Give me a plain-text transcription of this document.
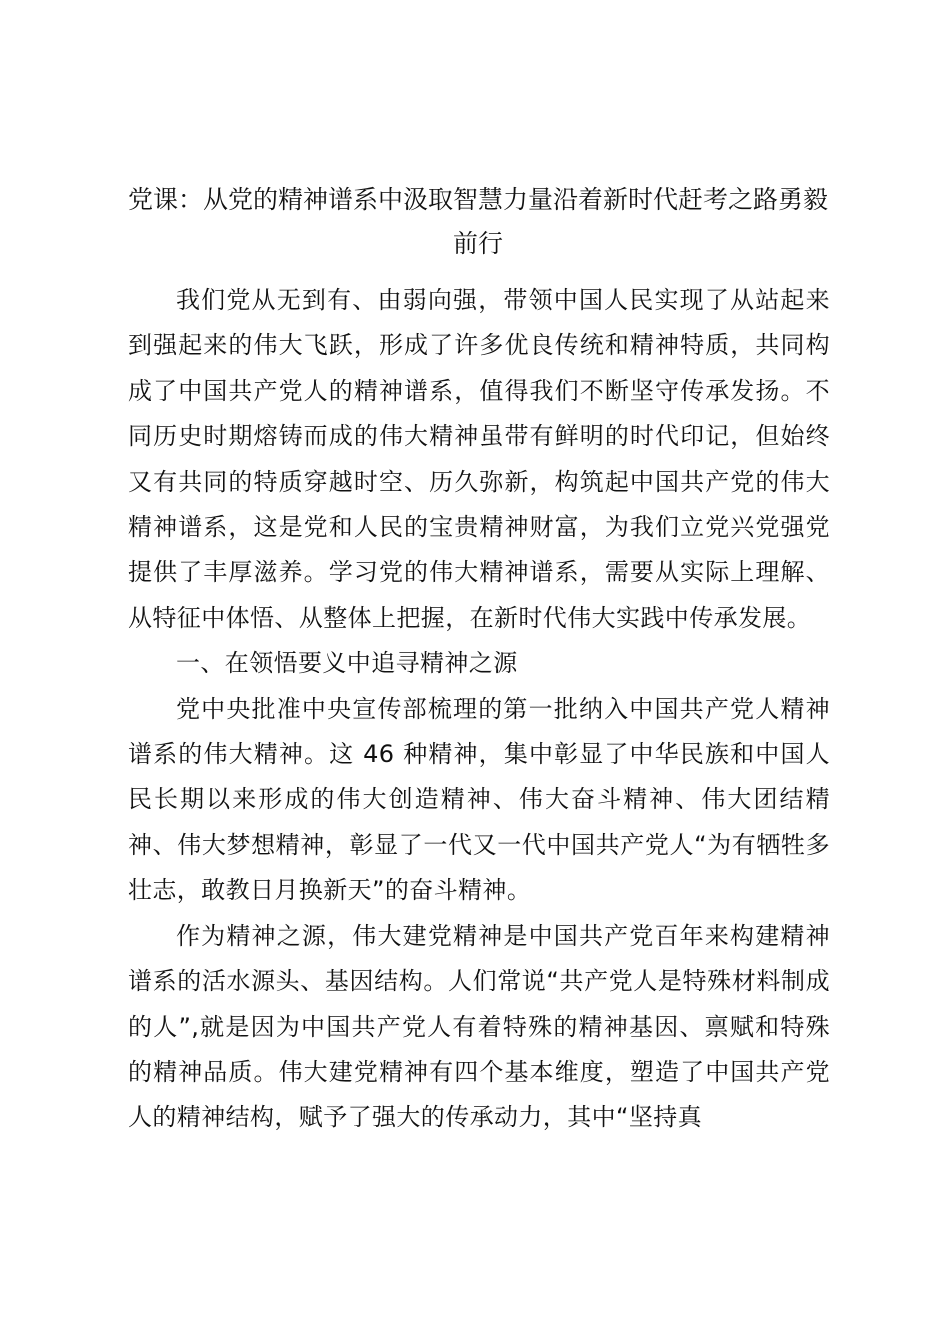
党课：从党的精神谱系中汲取智慧力量沿着新时代赶考之路勇毅前行

我们党从无到有、由弱向强，带领中国人民实现了从站起来到强起来的伟大飞跃，形成了许多优良传统和精神特质，共同构成了中国共产党人的精神谱系，值得我们不断坚守传承发扬。不同历史时期熔铸而成的伟大精神虽带有鲜明的时代印记，但始终又有共同的特质穿越时空、历久弥新，构筑起中国共产党的伟大精神谱系，这是党和人民的宝贵精神财富，为我们立党兴党强党提供了丰厚滋养。学习党的伟大精神谱系，需要从实际上理解、从特征中体悟、从整体上把握，在新时代伟大实践中传承发展。

一、在领悟要义中追寻精神之源

党中央批准中央宣传部梳理的第一批纳入中国共产党人精神谱系的伟大精神。这 46 种精神，集中彰显了中华民族和中国人民长期以来形成的伟大创造精神、伟大奋斗精神、伟大团结精神、伟大梦想精神，彰显了一代又一代中国共产党人“为有牺牲多壮志，敢教日月换新天”的奋斗精神。

作为精神之源，伟大建党精神是中国共产党百年来构建精神谱系的活水源头、基因结构。人们常说“共产党人是特殊材料制成的人”,就是因为中国共产党人有着特殊的精神基因、禀赋和特殊的精神品质。伟大建党精神有四个基本维度，塑造了中国共产党人的精神结构，赋予了强大的传承动力，其中“坚持真
